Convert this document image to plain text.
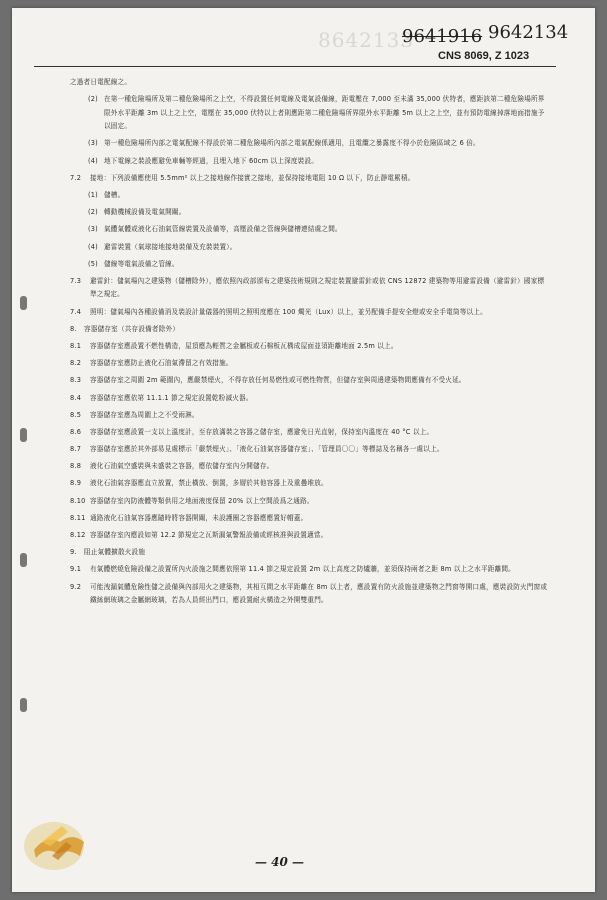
8642133
9641916 9642134
CNS 8069, Z 1023
之過者日電配線之。
(2) 在第一種危險場所及第二種危險場所之上空，不得設置任何電線及電氣設備線，距電壓在 7,000 至未滿 35,000 伏特者，應距該第二種危險場所界限外水平距離 3m 以上之上空，電壓在 35,000 伏特以上者則應距第二種危險場所界限外水平距離 5m 以上之上空，並有預防電線掉落地面措施予以固定。
(3) 第一種危險場所內部之電氣配線不得設於第二種危險場所內部之電氣配線係適用，且電纜之暴露度不得小於危險區域之 6 倍。
(4) 地下電線之裝設應避免車輛等經過，且埋入地下 60cm 以上深度裝設。
7.2 接地：下列設備應使用 5.5mm² 以上之接地線作接實之接地，並保持接地電阻 10 Ω 以下，防止靜電累積。
(1) 儲槽。
(2) 轉動機械設備及電氣開關。
(3) 氣體氣體或液化石油氣管線裝置及設備等，高壓設備之管線與儲槽連結處之間。
(4) 避雷裝置（氣球接地接地裝備及充裝裝置）。
(5) 儲線等電氣設備之管線。
7.3 避雷針：儲氣場內之建築物（儲槽除外），應依照內政部頒布之建築技術規則之規定裝置避雷針或依 CNS 12872 建築物等用避雷設備（避雷針）國家標準之規定。
7.4 照明：儲氣場內各種設備消及裝設計量儀器的照明之照明度應在 100 燭光（Lux）以上，並另配備手提安全燈或安全手電筒等以上。
8. 容器儲存室（共存設備者除外）
8.1 容器儲存室應設置不燃性構造，屋頂應為輕質之金屬板或石棉板瓦構成屋面並須距離地面 2.5m 以上。
8.2 容器儲存室應防止液化石油氣滯留之有效措施。
8.3 容器儲存室之周圍 2m 範圍內，應嚴禁煙火，不得存放任何易燃性或可燃性物質，但儲存室與周邊建築物間應備有不受火延。
8.4 容器儲存室應依第 11.1.1 節之規定設置乾粉滅火器。
8.5 容器儲存室應為周圍上之不受雨淋。
8.6 容器儲存室應設置一支以上溫度計，至存放滿裝之容器之儲存室，應避免日光直射，保持室內溫度在 40 °C 以上。
8.7 容器儲存室應於其外部易見處標示「嚴禁煙火」、「液化石油氣容器儲存室」、「管理員〇〇」等標誌及名稱各一處以上。
8.8 液化石油氣空盛裝與未盛裝之容器，應依儲存室內分開儲存。
8.9 液化石油氣容器應直立放置，禁止橫放、倒置，多層於其他容器上及重疊堆放。
8.10 容器儲存室內防液體等類供用之地面液度保留 20% 以上空間設爲之通路。
8.11 通路液化石油氣容器應隨時將容器開關，未設護圈之容器應應置好帽蓋。
8.12 容器儲存室內應設如第 12.2 節規定之瓦斯漏氣警報設備或經核准與設置適當。
9. 阻止氣體擴散火設施
9.1 有氣體燃燒危險設備之設置所內火設施之間應依照第 11.4 節之規定設置 2m 以上高度之防爐牆，並須保持兩者之距 8m 以上之水平距離間。
9.2 可能洩漏氣體危險性儲之設備與內部用火之建築物，其相互間之水平距離在 8m 以上者，應設置有防火設施並建築物之門窗等開口處，應裝設防火門窗或鐵絲網玻璃之金屬網玻璃，若為人員經出門口，應設置耐火構造之外開雙重門。
— 40 —
